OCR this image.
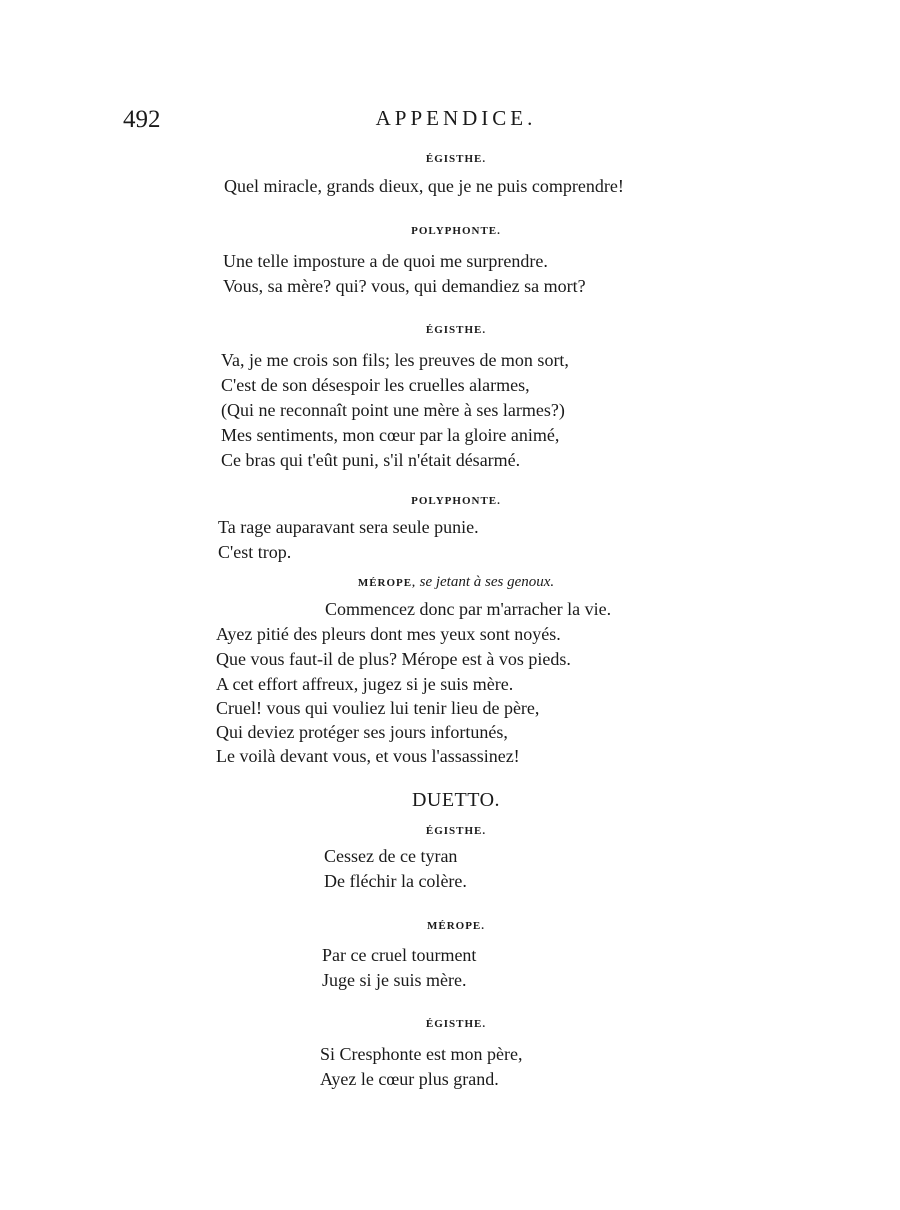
492	APPENDICE.
ÉGISTHE.
Quel miracle, grands dieux, que je ne puis comprendre!
POLYPHONTE.
Une telle imposture a de quoi me surprendre.
Vous, sa mère? qui? vous, qui demandiez sa mort?
ÉGISTHE.
Va, je me crois son fils; les preuves de mon sort,
C'est de son désespoir les cruelles alarmes,
(Qui ne reconnaît point une mère à ses larmes?)
Mes sentiments, mon cœur par la gloire animé,
Ce bras qui t'eût puni, s'il n'était désarmé.
POLYPHONTE.
Ta rage auparavant sera seule punie.
C'est trop.
MÉROPE, se jetant à ses genoux.
Commencez donc par m'arracher la vie.
Ayez pitié des pleurs dont mes yeux sont noyés.
Que vous faut-il de plus? Mérope est à vos pieds.
A cet effort affreux, jugez si je suis mère.
Cruel! vous qui vouliez lui tenir lieu de père,
Qui deviez protéger ses jours infortunés,
Le voilà devant vous, et vous l'assassinez!
DUETTO.
ÉGISTHE.
Cessez de ce tyran
De fléchir la colère.
MÉROPE.
Par ce cruel tourment
Juge si je suis mère.
ÉGISTHE.
Si Cresphonte est mon père,
Ayez le cœur plus grand.
